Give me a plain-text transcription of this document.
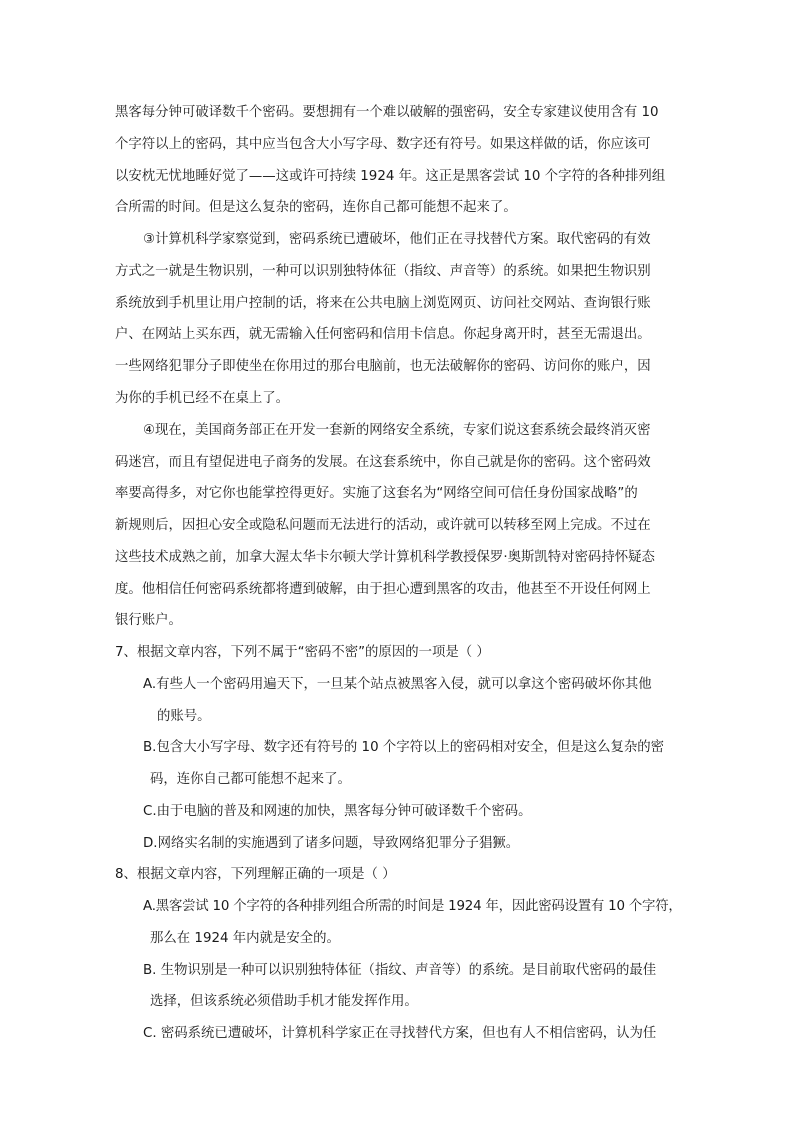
黑客每分钟可破译数千个密码。要想拥有一个难以破解的强密码，安全专家建议使用含有 10

个字符以上的密码，其中应当包含大小写字母、数字还有符号。如果这样做的话，你应该可

以安枕无忧地睡好觉了——这或许可持续 1924 年。这正是黑客尝试 10 个字符的各种排列组

合所需的时间。但是这么复杂的密码，连你自己都可能想不起来了。

③计算机科学家察觉到，密码系统已遭破坏，他们正在寻找替代方案。取代密码的有效

方式之一就是生物识别，一种可以识别独特体征（指纹、声音等）的系统。如果把生物识别

系统放到手机里让用户控制的话，将来在公共电脑上浏览网页、访问社交网站、查询银行账

户、在网站上买东西，就无需输入任何密码和信用卡信息。你起身离开时，甚至无需退出。

一些网络犯罪分子即使坐在你用过的那台电脑前，也无法破解你的密码、访问你的账户，因

为你的手机已经不在桌上了。

④现在，美国商务部正在开发一套新的网络安全系统，专家们说这套系统会最终消灭密

码迷宫，而且有望促进电子商务的发展。在这套系统中，你自己就是你的密码。这个密码效

率要高得多，对它你也能掌控得更好。实施了这套名为“网络空间可信任身份国家战略”的

新规则后，因担心安全或隐私问题而无法进行的活动，或许就可以转移至网上完成。不过在

这些技术成熟之前，加拿大渥太华卡尔顿大学计算机科学教授保罗·奥斯凯特对密码持怀疑态

度。他相信任何密码系统都将遭到破解，由于担心遭到黑客的攻击，他甚至不开设任何网上

银行账户。

7、根据文章内容，下列不属于“密码不密”的原因的一项是（ ）

A.有些人一个密码用遍天下，一旦某个站点被黑客入侵，就可以拿这个密码破坏你其他

的账号。

B.包含大小写字母、数字还有符号的 10 个字符以上的密码相对安全，但是这么复杂的密

码，连你自己都可能想不起来了。

C.由于电脑的普及和网速的加快，黑客每分钟可破译数千个密码。

D.网络实名制的实施遇到了诸多问题，导致网络犯罪分子猖獗。

8、根据文章内容，下列理解正确的一项是（ ）

A.黑客尝试 10 个字符的各种排列组合所需的时间是 1924 年，因此密码设置有 10 个字符，

那么在 1924 年内就是安全的。

B. 生物识别是一种可以识别独特体征（指纹、声音等）的系统。是目前取代密码的最佳

选择，但该系统必须借助手机才能发挥作用。

C. 密码系统已遭破坏，计算机科学家正在寻找替代方案，但也有人不相信密码，认为任
